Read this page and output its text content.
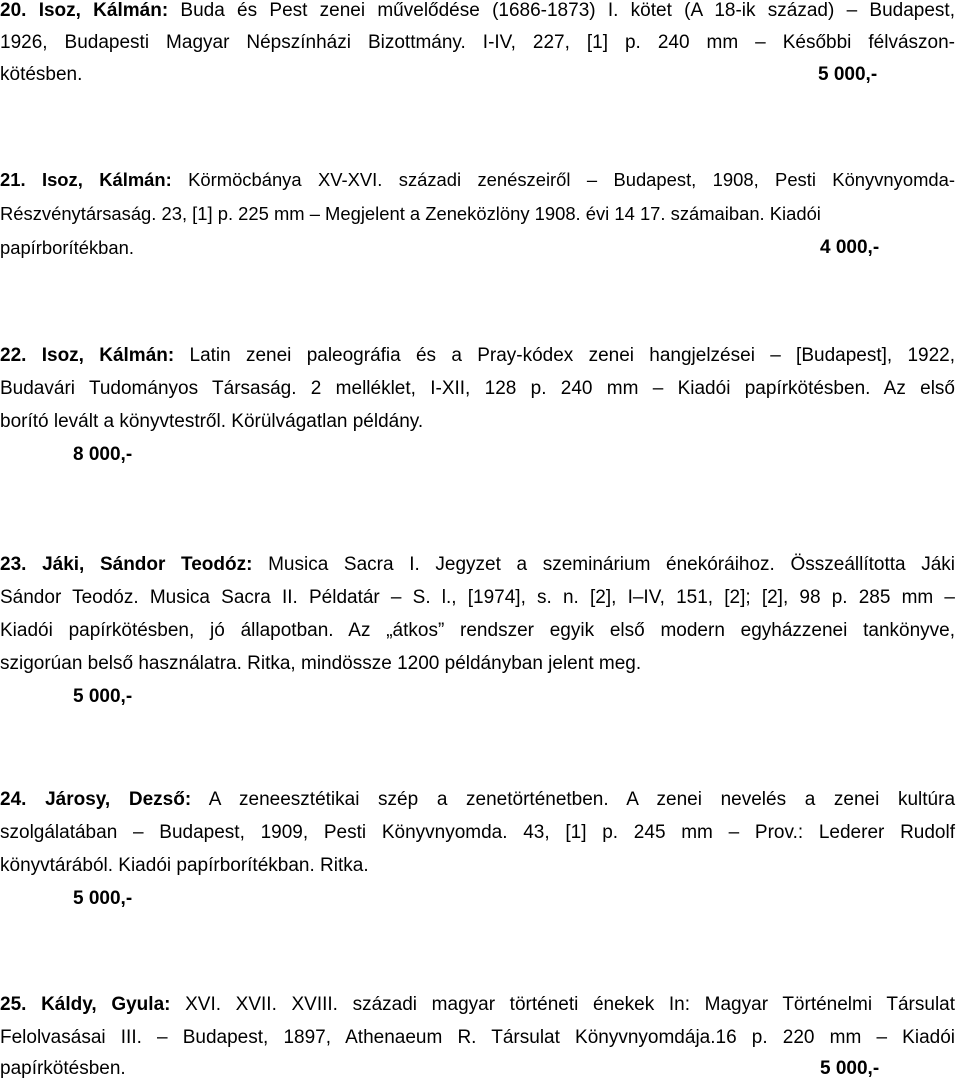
20. Isoz, Kálmán: Buda és Pest zenei művelődése (1686-1873) I. kötet (A 18-ik század) – Budapest,
1926, Budapesti Magyar Népszínházi Bizottmány. I-IV, 227, [1] p. 240 mm – Későbbi félvászon-
kötésben.	5 000,-
21. Isoz, Kálmán: Körmöcbánya XV-XVI. századi zenészeiről – Budapest, 1908, Pesti Könyvnyomda-
Részvénytársaság. 23, [1] p. 225 mm – Megjelent a Zeneközlöny 1908. évi 14 17. számaiban. Kiadói
papírborítékban.	4 000,-
22. Isoz, Kálmán: Latin zenei paleográfia és a Pray-kódex zenei hangjelzései – [Budapest], 1922,
Budavári Tudományos Társaság. 2 melléklet, I-XII, 128 p. 240 mm – Kiadói papírkötésben. Az első
borító levált a könyvtestről. Körülvágatlan példány.
8 000,-
23. Jáki, Sándor Teodóz: Musica Sacra I. Jegyzet a szeminárium énekóráihoz. Összeállította Jáki
Sándor Teodóz. Musica Sacra II. Példatár – S. l., [1974], s. n. [2], I–IV, 151, [2]; [2], 98 p. 285 mm –
Kiadói papírkötésben, jó állapotban. Az „átkos” rendszer egyik első modern egyházzenei tankönyve,
szigorúan belső használatra. Ritka, mindössze 1200 példányban jelent meg.
5 000,-
24. Járosy, Dezső: A zeneesztétikai szép a zenetörténetben. A zenei nevelés a zenei kultúra
szolgálatában – Budapest, 1909, Pesti Könyvnyomda. 43, [1] p. 245 mm – Prov.: Lederer Rudolf
könyvtárából. Kiadói papírborítékban. Ritka.
5 000,-
25. Káldy, Gyula: XVI. XVII. XVIII. századi magyar történeti énekek In: Magyar Történelmi Társulat
Felolvasásai III. – Budapest, 1897, Athenaeum R. Társulat Könyvnyomdája.16 p. 220 mm – Kiadói
papírkötésben.	5 000,-
